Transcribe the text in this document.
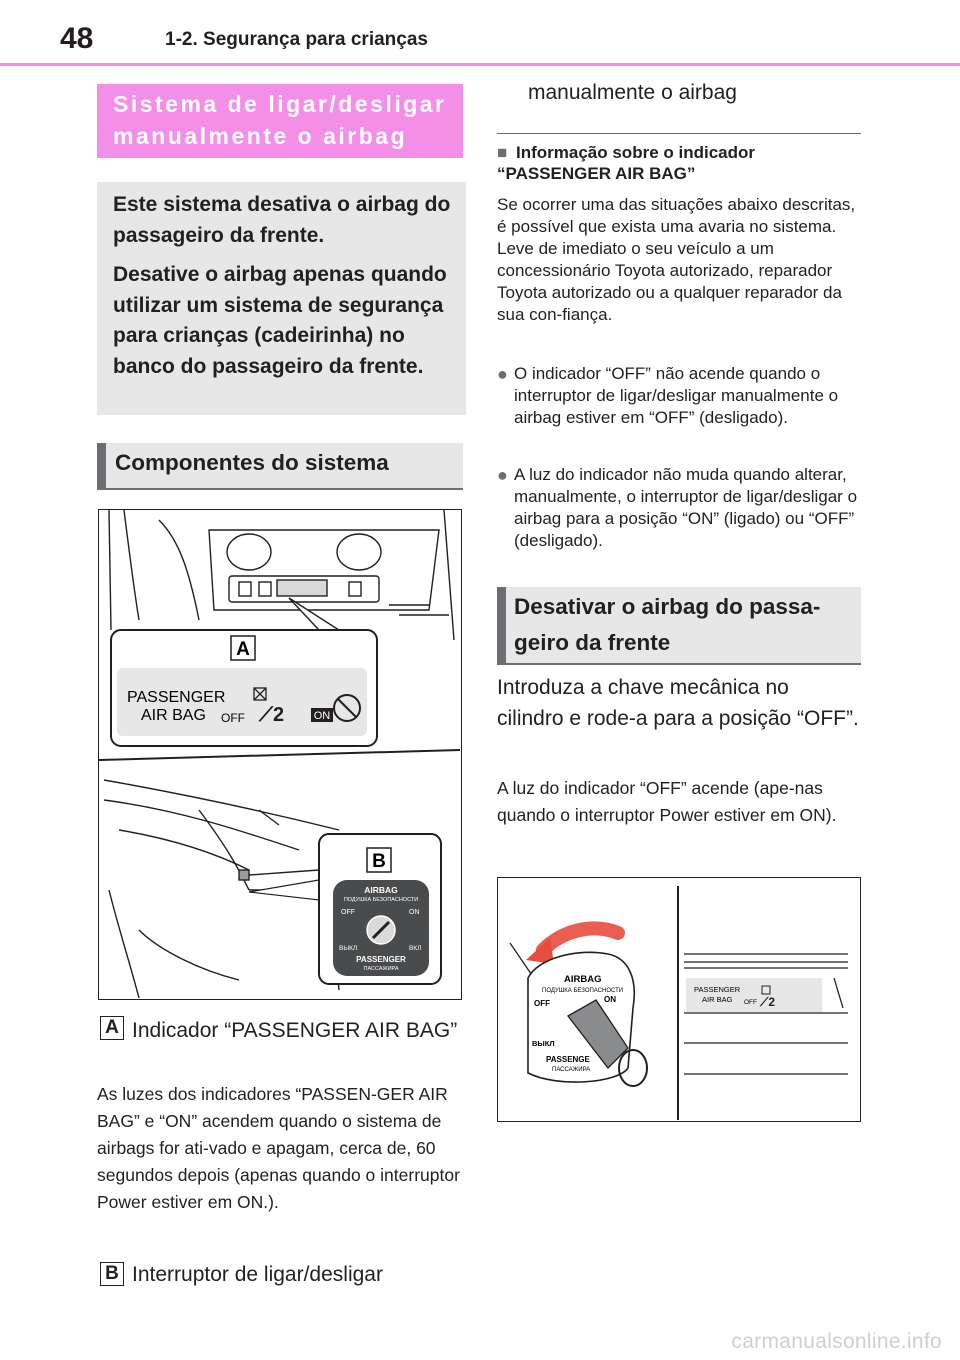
48	1-2. Segurança para crianças
Sistema de ligar/desligar manualmente o airbag

Este sistema desativa o airbag do passageiro da frente.

Desative o airbag apenas quando utilizar um sistema de segurança para crianças (cadeirinha) no banco do passageiro da frente.

Componentes do sistema
A
PASSENGER
AIR BAG OFF ⟋2	ON
B
AIRBAG
ПОДУШКА БЕЗОПАСНОСТИ
OFF	ON
ВЫКЛ	ВКЛ
PASSENGER
ПАССАЖИРА
A Indicador “PASSENGER AIR BAG”
As luzes dos indicadores “PASSEN-GER AIR BAG” e “ON” acendem quando o sistema de airbags for ati-vado e apagam, cerca de, 60 segundos depois (apenas quando o interruptor Power estiver em ON.).
B Interruptor de ligar/desligar
manualmente o airbag
■ Informação sobre o indicador “PASSENGER AIR BAG”
Se ocorrer uma das situações abaixo descritas, é possível que exista uma avaria no sistema. Leve de imediato o seu veículo a um concessionário Toyota autorizado, reparador Toyota autorizado ou a qualquer reparador da sua con-fiança.
● O indicador “OFF” não acende quando o interruptor de ligar/desligar manualmente o airbag estiver em “OFF” (desligado).
● A luz do indicador não muda quando alterar, manualmente, o interruptor de ligar/desligar o airbag para a posição “ON” (ligado) ou “OFF” (desligado).
Desativar o airbag do passa-geiro da frente
Introduza a chave mecânica no cilindro e rode-a para a posição “OFF”.
A luz do indicador “OFF” acende (ape-nas quando o interruptor Power estiver em ON).
AIRBAG
ПОДУШКА БЕЗОПАСНОСТИ
OFF	ON
ВЫКЛ
PASSENGE
ПАССАЖИРА
PASSENGER
AIR BAG OFF ⟋2
carmanualsonline.info
